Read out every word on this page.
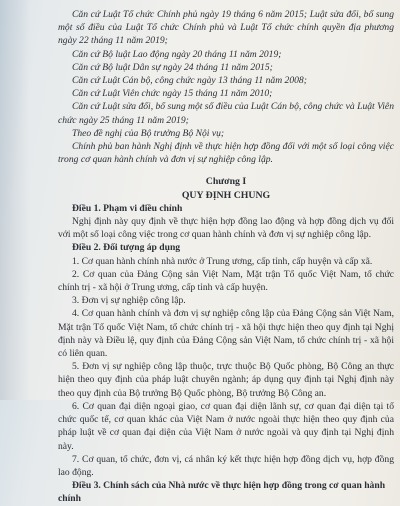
Căn cứ Luật Tổ chức Chính phủ ngày 19 tháng 6 năm 2015; Luật sửa đổi, bổ sung một số điều của Luật Tổ chức Chính phủ và Luật Tổ chức chính quyền địa phương ngày 22 tháng 11 năm 2019;

Căn cứ Bộ luật Lao động ngày 20 tháng 11 năm 2019;

Căn cứ Bộ luật Dân sự ngày 24 tháng 11 năm 2015;

Căn cứ Luật Cán bộ, công chức ngày 13 tháng 11 năm 2008;

Căn cứ Luật Viên chức ngày 15 tháng 11 năm 2010;

Căn cứ Luật sửa đổi, bổ sung một số điều của Luật Cán bộ, công chức và Luật Viên chức ngày 25 tháng 11 năm 2019;

Theo đề nghị của Bộ trưởng Bộ Nội vụ;

Chính phủ ban hành Nghị định về thực hiện hợp đồng đối với một số loại công việc trong cơ quan hành chính và đơn vị sự nghiệp công lập.

Chương I

QUY ĐỊNH CHUNG

Điều 1. Phạm vi điều chỉnh

Nghị định này quy định về thực hiện hợp đồng lao động và hợp đồng dịch vụ đối với một số loại công việc trong cơ quan hành chính và đơn vị sự nghiệp công lập.

Điều 2. Đối tượng áp dụng

1. Cơ quan hành chính nhà nước ở Trung ương, cấp tỉnh, cấp huyện và cấp xã.

2. Cơ quan của Đảng Cộng sản Việt Nam, Mặt trận Tổ quốc Việt Nam, tổ chức chính trị - xã hội ở Trung ương, cấp tỉnh và cấp huyện.

3. Đơn vị sự nghiệp công lập.

4. Cơ quan hành chính và đơn vị sự nghiệp công lập của Đảng Cộng sản Việt Nam, Mặt trận Tổ quốc Việt Nam, tổ chức chính trị - xã hội thực hiện theo quy định tại Nghị định này và Điều lệ, quy định của Đảng Cộng sản Việt Nam, tổ chức chính trị - xã hội có liên quan.

5. Đơn vị sự nghiệp công lập thuộc, trực thuộc Bộ Quốc phòng, Bộ Công an thực hiện theo quy định của pháp luật chuyên ngành; áp dụng quy định tại Nghị định này theo quy định của Bộ trưởng Bộ Quốc phòng, Bộ trưởng Bộ Công an.

6. Cơ quan đại diện ngoại giao, cơ quan đại diện lãnh sự, cơ quan đại diện tại tổ chức quốc tế, cơ quan khác của Việt Nam ở nước ngoài thực hiện theo quy định của pháp luật về cơ quan đại diện của Việt Nam ở nước ngoài và quy định tại Nghị định này.

7. Cơ quan, tổ chức, đơn vị, cá nhân ký kết thực hiện hợp đồng dịch vụ, hợp đồng lao động.

Điều 3. Chính sách của Nhà nước về thực hiện hợp đồng trong cơ quan hành chính
